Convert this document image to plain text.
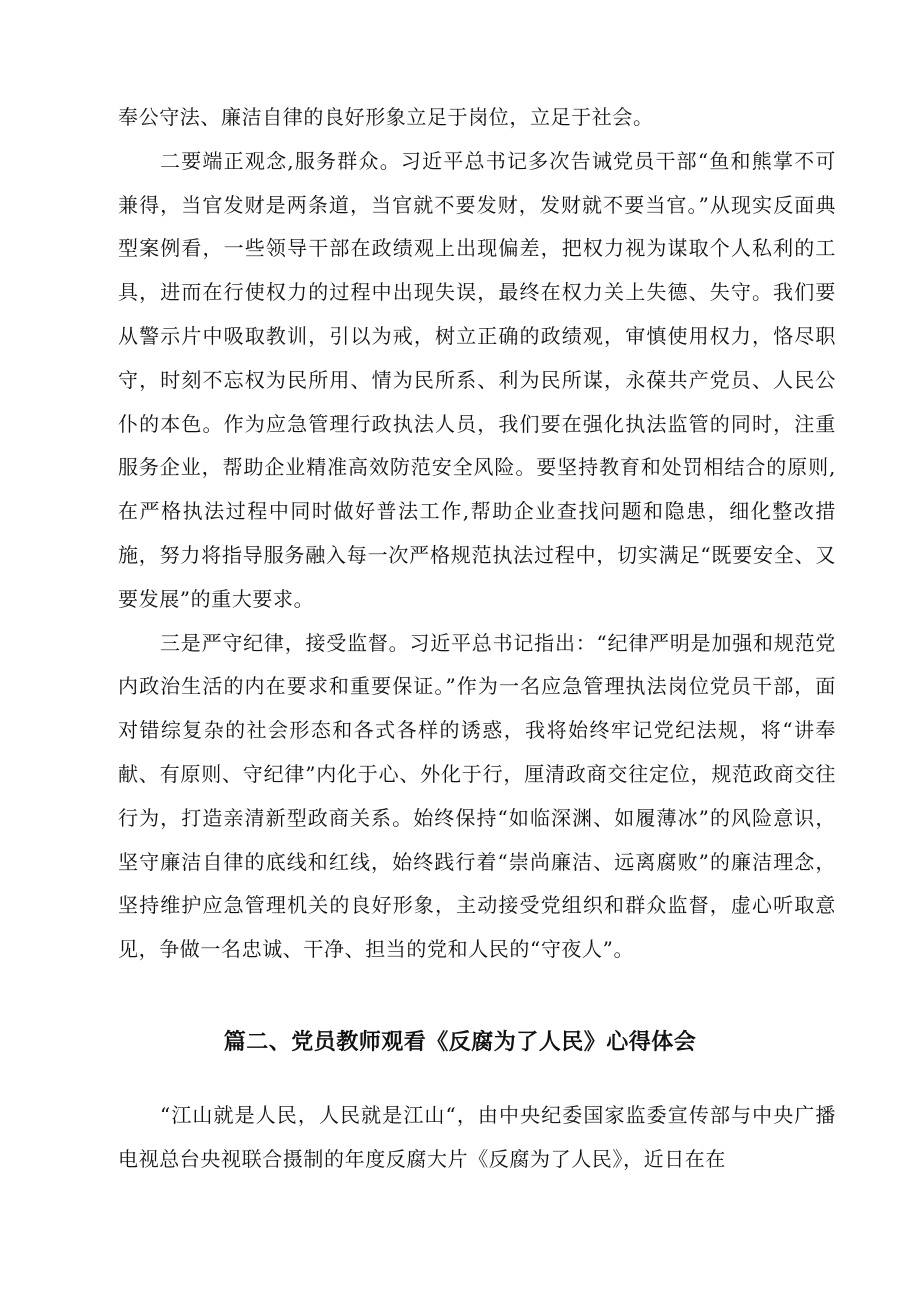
奉公守法、廉洁自律的良好形象立足于岗位，立足于社会。

二要端正观念,服务群众。习近平总书记多次告诫党员干部“鱼和熊掌不可兼得，当官发财是两条道，当官就不要发财，发财就不要当官。”从现实反面典型案例看，一些领导干部在政绩观上出现偏差，把权力视为谋取个人私利的工具，进而在行使权力的过程中出现失误，最终在权力关上失德、失守。我们要从警示片中吸取教训，引以为戒，树立正确的政绩观，审慎使用权力，恪尽职守，时刻不忘权为民所用、情为民所系、利为民所谋，永葆共产党员、人民公仆的本色。作为应急管理行政执法人员，我们要在强化执法监管的同时，注重服务企业，帮助企业精准高效防范安全风险。要坚持教育和处罚相结合的原则,在严格执法过程中同时做好普法工作,帮助企业查找问题和隐患，细化整改措施，努力将指导服务融入每一次严格规范执法过程中，切实满足“既要安全、又要发展”的重大要求。

三是严守纪律，接受监督。习近平总书记指出：“纪律严明是加强和规范党内政治生活的内在要求和重要保证。”作为一名应急管理执法岗位党员干部，面对错综复杂的社会形态和各式各样的诱惑，我将始终牢记党纪法规，将“讲奉献、有原则、守纪律”内化于心、外化于行，厘清政商交往定位，规范政商交往行为，打造亲清新型政商关系。始终保持“如临深渊、如履薄冰”的风险意识，坚守廉洁自律的底线和红线，始终践行着“崇尚廉洁、远离腐败”的廉洁理念，坚持维护应急管理机关的良好形象，主动接受党组织和群众监督，虚心听取意见，争做一名忠诚、干净、担当的党和人民的“守夜人”。

篇二、党员教师观看《反腐为了人民》心得体会

“江山就是人民，人民就是江山“，由中央纪委国家监委宣传部与中央广播电视总台央视联合摄制的年度反腐大片《反腐为了人民》，近日在在
